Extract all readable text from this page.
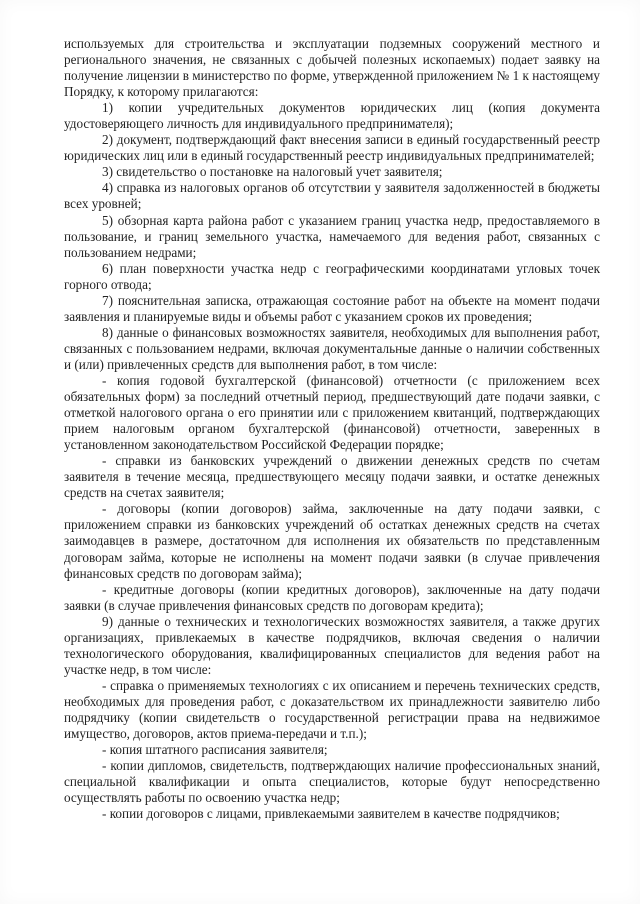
используемых для строительства и эксплуатации подземных сооружений местного и регионального значения, не связанных с добычей полезных ископаемых) подает заявку на получение лицензии в министерство по форме, утвержденной приложением № 1 к настоящему Порядку, к которому прилагаются:

1) копии учредительных документов юридических лиц (копия документа удостоверяющего личность для индивидуального предпринимателя);

2) документ, подтверждающий факт внесения записи в единый государственный реестр юридических лиц или в единый государственный реестр индивидуальных предпринимателей;

3) свидетельство о постановке на налоговый учет заявителя;

4) справка из налоговых органов об отсутствии у заявителя задолженностей в бюджеты всех уровней;

5) обзорная карта района работ с указанием границ участка недр, предоставляемого в пользование, и границ земельного участка, намечаемого для ведения работ, связанных с пользованием недрами;

6) план поверхности участка недр с географическими координатами угловых точек горного отвода;

7) пояснительная записка, отражающая состояние работ на объекте на момент подачи заявления и планируемые виды и объемы работ с указанием сроков их проведения;

8) данные о финансовых возможностях заявителя, необходимых для выполнения работ, связанных с пользованием недрами, включая документальные данные о наличии собственных и (или) привлеченных средств для выполнения работ, в том числе:

- копия годовой бухгалтерской (финансовой) отчетности (с приложением всех обязательных форм) за последний отчетный период, предшествующий дате подачи заявки, с отметкой налогового органа о его принятии или с приложением квитанций, подтверждающих прием налоговым органом бухгалтерской (финансовой) отчетности, заверенных в установленном законодательством Российской Федерации порядке;

- справки из банковских учреждений о движении денежных средств по счетам заявителя в течение месяца, предшествующего месяцу подачи заявки, и остатке денежных средств на счетах заявителя;

- договоры (копии договоров) займа, заключенные на дату подачи заявки, с приложением справки из банковских учреждений об остатках денежных средств на счетах заимодавцев в размере, достаточном для исполнения их обязательств по представленным договорам займа, которые не исполнены на момент подачи заявки (в случае привлечения финансовых средств по договорам займа);

- кредитные договоры (копии кредитных договоров), заключенные на дату подачи заявки (в случае привлечения финансовых средств по договорам кредита);

9) данные о технических и технологических возможностях заявителя, а также других организациях, привлекаемых в качестве подрядчиков, включая сведения о наличии технологического оборудования, квалифицированных специалистов для ведения работ на участке недр, в том числе:

- справка о применяемых технологиях с их описанием и перечень технических средств, необходимых для проведения работ, с доказательством их принадлежности заявителю либо подрядчику (копии свидетельств о государственной регистрации права на недвижимое имущество, договоров, актов приема-передачи и т.п.);

- копия штатного расписания заявителя;

- копии дипломов, свидетельств, подтверждающих наличие профессиональных знаний, специальной квалификации и опыта специалистов, которые будут непосредственно осуществлять работы по освоению участка недр;

- копии договоров с лицами, привлекаемыми заявителем в качестве подрядчиков;
